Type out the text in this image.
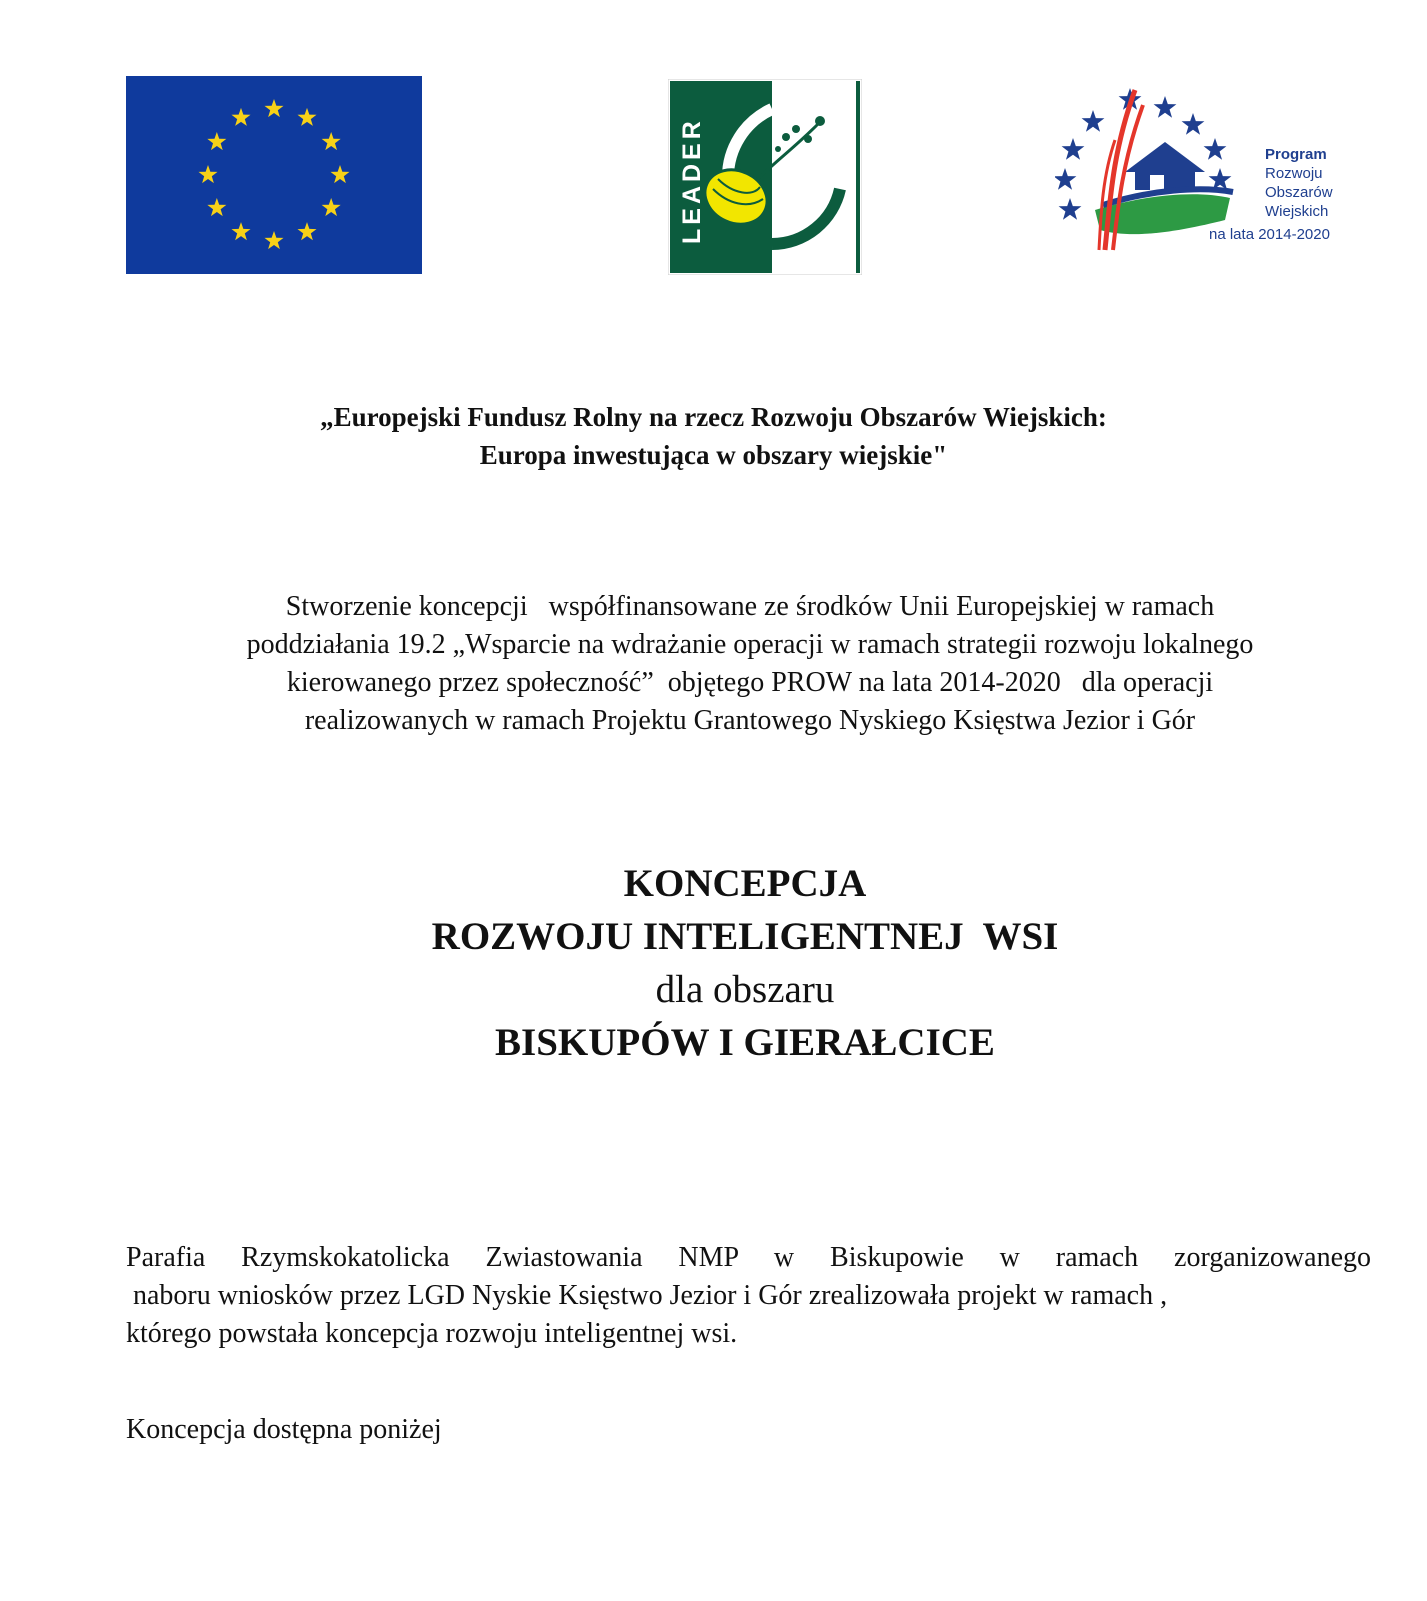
LEADER	Program
Rozwoju
Obszarów
Wiejskich
na lata 2014-2020
„Europejski Fundusz Rolny na rzecz Rozwoju Obszarów Wiejskich:
Europa inwestująca w obszary wiejskie"
Stworzenie koncepcji   współfinansowane ze środków Unii Europejskiej w ramach
poddziałania 19.2 „Wsparcie na wdrażanie operacji w ramach strategii rozwoju lokalnego
kierowanego przez społeczność”  objętego PROW na lata 2014-2020   dla operacji
realizowanych w ramach Projektu Grantowego Nyskiego Księstwa Jezior i Gór
KONCEPCJA
ROZWOJU INTELIGENTNEJ  WSI
dla obszaru
BISKUPÓW I GIERAŁCICE
Parafia Rzymskokatolicka Zwiastowania NMP w Biskupowie w ramach zorganizowanego
naboru wniosków przez LGD Nyskie Księstwo Jezior i Gór zrealizowała projekt w ramach ,
którego powstała koncepcja rozwoju inteligentnej wsi.
Koncepcja dostępna poniżej
